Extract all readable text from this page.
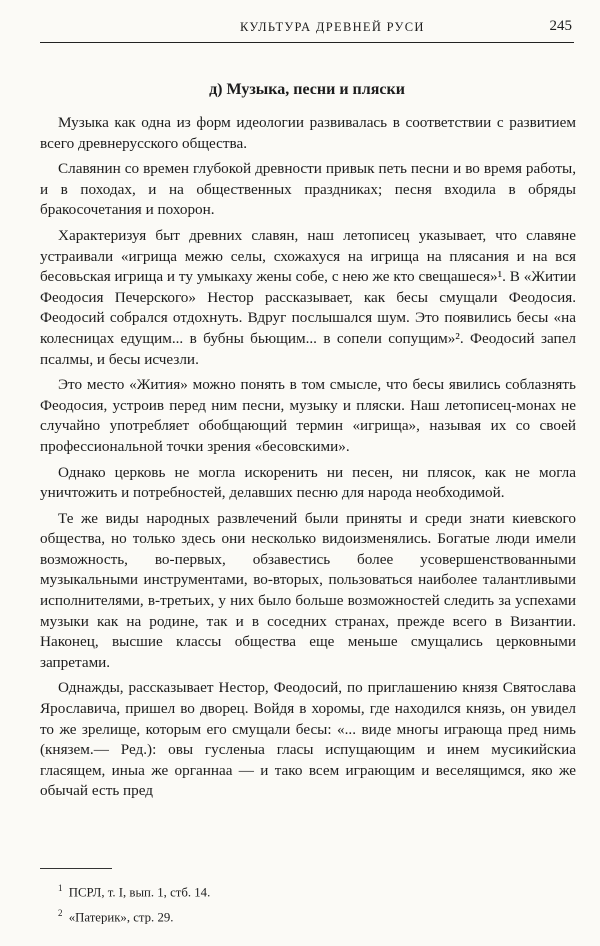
КУЛЬТУРА ДРЕВНЕЙ РУСИ	245
д) Музыка, песни и пляски

Музыка как одна из форм идеологии развивалась в соответствии с развитием всего древнерусского общества.

Славянин со времен глубокой древности привык петь песни и во время работы, и в походах, и на общественных праздниках; песня входила в обряды бракосочетания и похорон.

Характеризуя быт древних славян, наш летописец указывает, что славяне устраивали «игрища межю селы, схожахуся на игрища на плясания и на вся бесовьская игрища и ту умыкаху жены собе, с нею же кто свещашеся»¹. В «Житии Феодосия Печерского» Нестор рассказывает, как бесы смущали Феодосия. Феодосий собрался отдохнуть. Вдруг послышался шум. Это появились бесы «на колесницах едущим... в бубны бьющим... в сопели сопущим»². Феодосий запел псалмы, и бесы исчезли.

Это место «Жития» можно понять в том смысле, что бесы явились соблазнять Феодосия, устроив перед ним песни, музыку и пляски. Наш летописец-монах не случайно употребляет обобщающий термин «игрища», называя их со своей профессиональной точки зрения «бесовскими».

Однако церковь не могла искоренить ни песен, ни плясок, как не могла уничтожить и потребностей, делавших песню для народа необходимой.

Те же виды народных развлечений были приняты и среди знати киевского общества, но только здесь они несколько видоизменялись. Богатые люди имели возможность, во-первых, обзавестись более усовершенствованными музыкальными инструментами, во-вторых, пользоваться наиболее талантливыми исполнителями, в-третьих, у них было больше возможностей следить за успехами музыки как на родине, так и в соседних странах, прежде всего в Византии. Наконец, высшие классы общества еще меньше смущались церковными запретами.

Однажды, рассказывает Нестор, Феодосий, по приглашению князя Святослава Ярославича, пришел во дворец. Войдя в хоромы, где находился князь, он увидел то же зрелище, которым его смущали бесы: «... виде многы играюща пред нимь (князем.— Ред.): овы гусленыа гласы испущающим и инем мусикийскиа гласящем, иныа же органнаа — и тако всем играющим и веселящимся, яко же обычай есть пред

$^1$ ПСРЛ, т. I, вып. 1, стб. 14.
$^2$ «Патерик», стр. 29.
